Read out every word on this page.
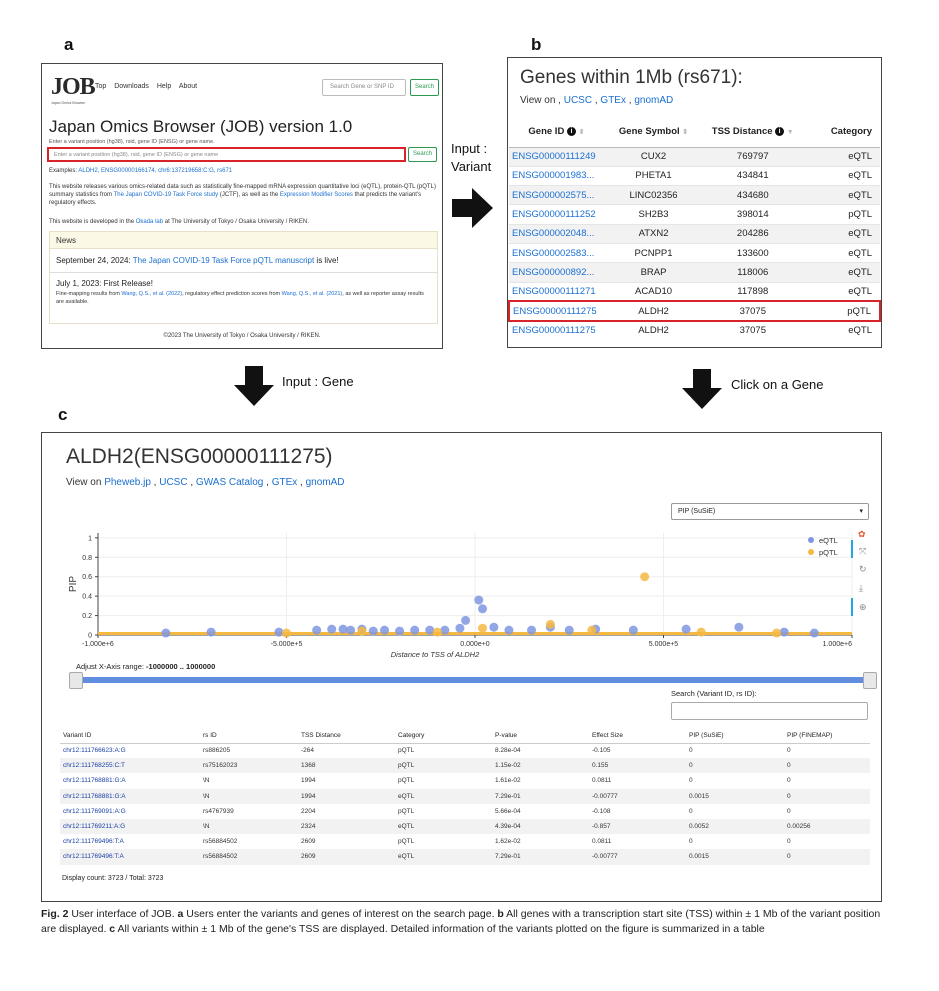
a	b
c
JOB
Japan Omics Browser
Top Downloads Help About	Search Gene or SNP ID	Search
Japan Omics Browser (JOB) version 1.0
Enter a variant position (hg38), rsid, gene ID (ENSG) or gene name.
Enter a variant position (hg38), rsid, gene ID (ENSG) or gene name	Search
Examples: ALDH2, ENSG00000166174, chr6:137219658:C:G, rs671
This website releases various omics-related data such as statistically fine-mapped mRNA expression quantitative loci (eQTL), protein-QTL (pQTL) summary statistics from The Japan COVID-19 Task Force study (JCTF), as well as the Expression Modifier Scores that predicts the variant's regulatory effects.
This website is developed in the Okada lab at The University of Tokyo / Osaka University / RIKEN.
News
September 24, 2024: The Japan COVID-19 Task Force pQTL manuscript is live!
July 1, 2023: First Release!
Fine-mapping results from Wang, Q.S., et al. (2022), regulatory effect prediction scores from Wang, Q.S., et al. (2021), as well as reporter assay results are available.
©2023 The University of Tokyo / Osaka University / RIKEN.
Input :
Variant
Genes within 1Mb (rs671):
View on , UCSC , GTEx , gnomAD
Gene ID i ⬍	Gene Symbol ⬍	TSS Distance i ▼	Category
ENSG00000111249	CUX2	769797	eQTL
ENSG000001983...	PHETA1	434841	eQTL
ENSG000002575...	LINC02356	434680	eQTL
ENSG00000111252	SH2B3	398014	pQTL
ENSG000002048...	ATXN2	204286	eQTL
ENSG000002583...	PCNPP1	133600	eQTL
ENSG000000892...	BRAP	118006	eQTL
ENSG00000111271	ACAD10	117898	eQTL
ENSG00000111275	ALDH2	37075	pQTL
ENSG00000111275	ALDH2	37075	eQTL
Input : Gene	Click on a Gene
ALDH2(ENSG00000111275)
View on Pheweb.jp , UCSC , GWAS Catalog , GTEx , gnomAD
PIP (SuSiE)	▾
-1.000e+6	-5.000e+5	0.000e+0	5.000e+5	1.000e+6
0
0.2
0.4
0.6
0.8
1
Distance to TSS of ALDH2
PIP
eQTL
pQTL
✿
⤧
↻
⤓
⊕
Adjust X-Axis range: -1000000 .. 1000000
Search (Variant ID, rs ID):
Variant ID	rs ID	TSS Distance	Category	P-value	Effect Size	PIP (SuSiE)	PIP (FINEMAP)
chr12:111766623:A:G	rs886205	-264	pQTL	8.28e-04	-0.105	0	0
chr12:111768255:C:T	rs75162023	1368	pQTL	1.15e-02	0.155	0	0
chr12:111768881:G:A	\N	1994	pQTL	1.61e-02	0.0811	0	0
chr12:111768881:G:A	\N	1994	eQTL	7.29e-01	-0.00777	0.0015	0
chr12:111769091:A:G	rs4767939	2204	pQTL	5.66e-04	-0.108	0	0
chr12:111769211:A:G	\N	2324	eQTL	4.39e-04	-0.857	0.0052	0.00256
chr12:111769496:T:A	rs56884502	2609	pQTL	1.62e-02	0.0811	0	0
chr12:111769496:T:A	rs56884502	2609	eQTL	7.29e-01	-0.00777	0.0015	0
Display count: 3723 / Total: 3723
Fig. 2 User interface of JOB. a Users enter the variants and genes of interest on the search page. b All genes with a transcription start site (TSS) within ± 1 Mb of the variant position are displayed. c All variants within ± 1 Mb of the gene's TSS are displayed. Detailed information of the variants plotted on the figure is summarized in a table
